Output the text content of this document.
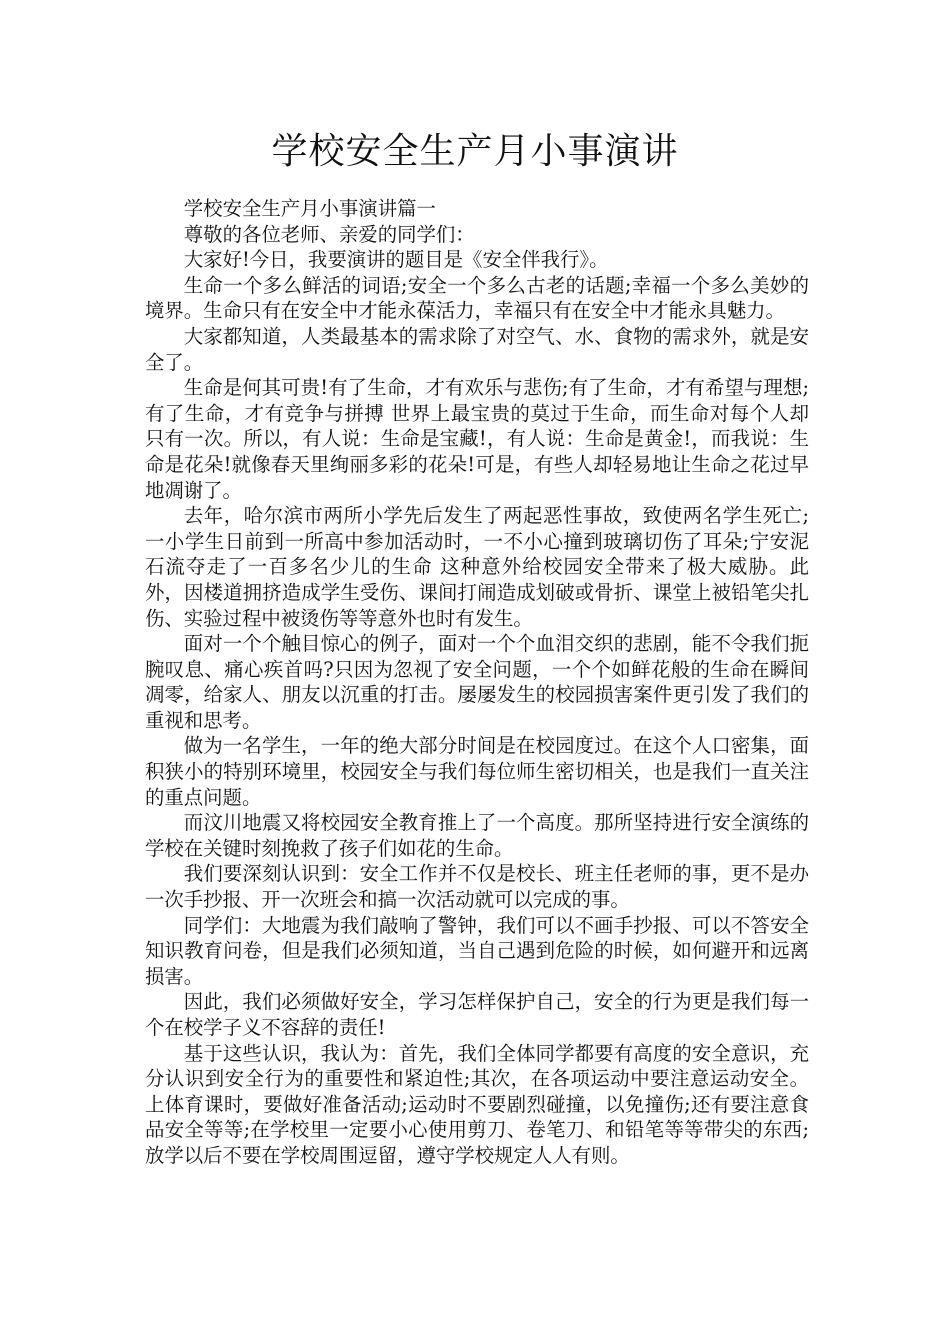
学校安全生产月小事演讲

学校安全生产月小事演讲篇一

尊敬的各位老师、亲爱的同学们：

大家好!今日，我要演讲的题目是《安全伴我行》。

生命一个多么鲜活的词语;安全一个多么古老的话题;幸福一个多么美妙的境界。生命只有在安全中才能永葆活力，幸福只有在安全中才能永具魅力。

大家都知道，人类最基本的需求除了对空气、水、食物的需求外，就是安全了。

生命是何其可贵!有了生命，才有欢乐与悲伤;有了生命，才有希望与理想;有了生命，才有竞争与拼搏 世界上最宝贵的莫过于生命，而生命对每个人却只有一次。所以，有人说：生命是宝藏!，有人说：生命是黄金!，而我说：生命是花朵!就像春天里绚丽多彩的花朵!可是，有些人却轻易地让生命之花过早地凋谢了。

去年，哈尔滨市两所小学先后发生了两起恶性事故，致使两名学生死亡;一小学生日前到一所高中参加活动时，一不小心撞到玻璃切伤了耳朵;宁安泥石流夺走了一百多名少儿的生命 这种意外给校园安全带来了极大威胁。此外，因楼道拥挤造成学生受伤、课间打闹造成划破或骨折、课堂上被铅笔尖扎伤、实验过程中被烫伤等等意外也时有发生。

面对一个个触目惊心的例子，面对一个个血泪交织的悲剧，能不令我们扼腕叹息、痛心疾首吗?只因为忽视了安全问题，一个个如鲜花般的生命在瞬间凋零，给家人、朋友以沉重的打击。屡屡发生的校园损害案件更引发了我们的重视和思考。

做为一名学生，一年的绝大部分时间是在校园度过。在这个人口密集，面积狭小的特别环境里，校园安全与我们每位师生密切相关，也是我们一直关注的重点问题。

而汶川地震又将校园安全教育推上了一个高度。那所坚持进行安全演练的学校在关键时刻挽救了孩子们如花的生命。

我们要深刻认识到：安全工作并不仅是校长、班主任老师的事，更不是办一次手抄报、开一次班会和搞一次活动就可以完成的事。

同学们：大地震为我们敲响了警钟，我们可以不画手抄报、可以不答安全知识教育问卷，但是我们必须知道，当自己遇到危险的时候，如何避开和远离损害。

因此，我们必须做好安全，学习怎样保护自己，安全的行为更是我们每一个在校学子义不容辞的责任!

基于这些认识，我认为：首先，我们全体同学都要有高度的安全意识，充分认识到安全行为的重要性和紧迫性;其次，在各项运动中要注意运动安全。上体育课时，要做好准备活动;运动时不要剧烈碰撞，以免撞伤;还有要注意食品安全等等;在学校里一定要小心使用剪刀、卷笔刀、和铅笔等等带尖的东西;放学以后不要在学校周围逗留，遵守学校规定人人有则。
